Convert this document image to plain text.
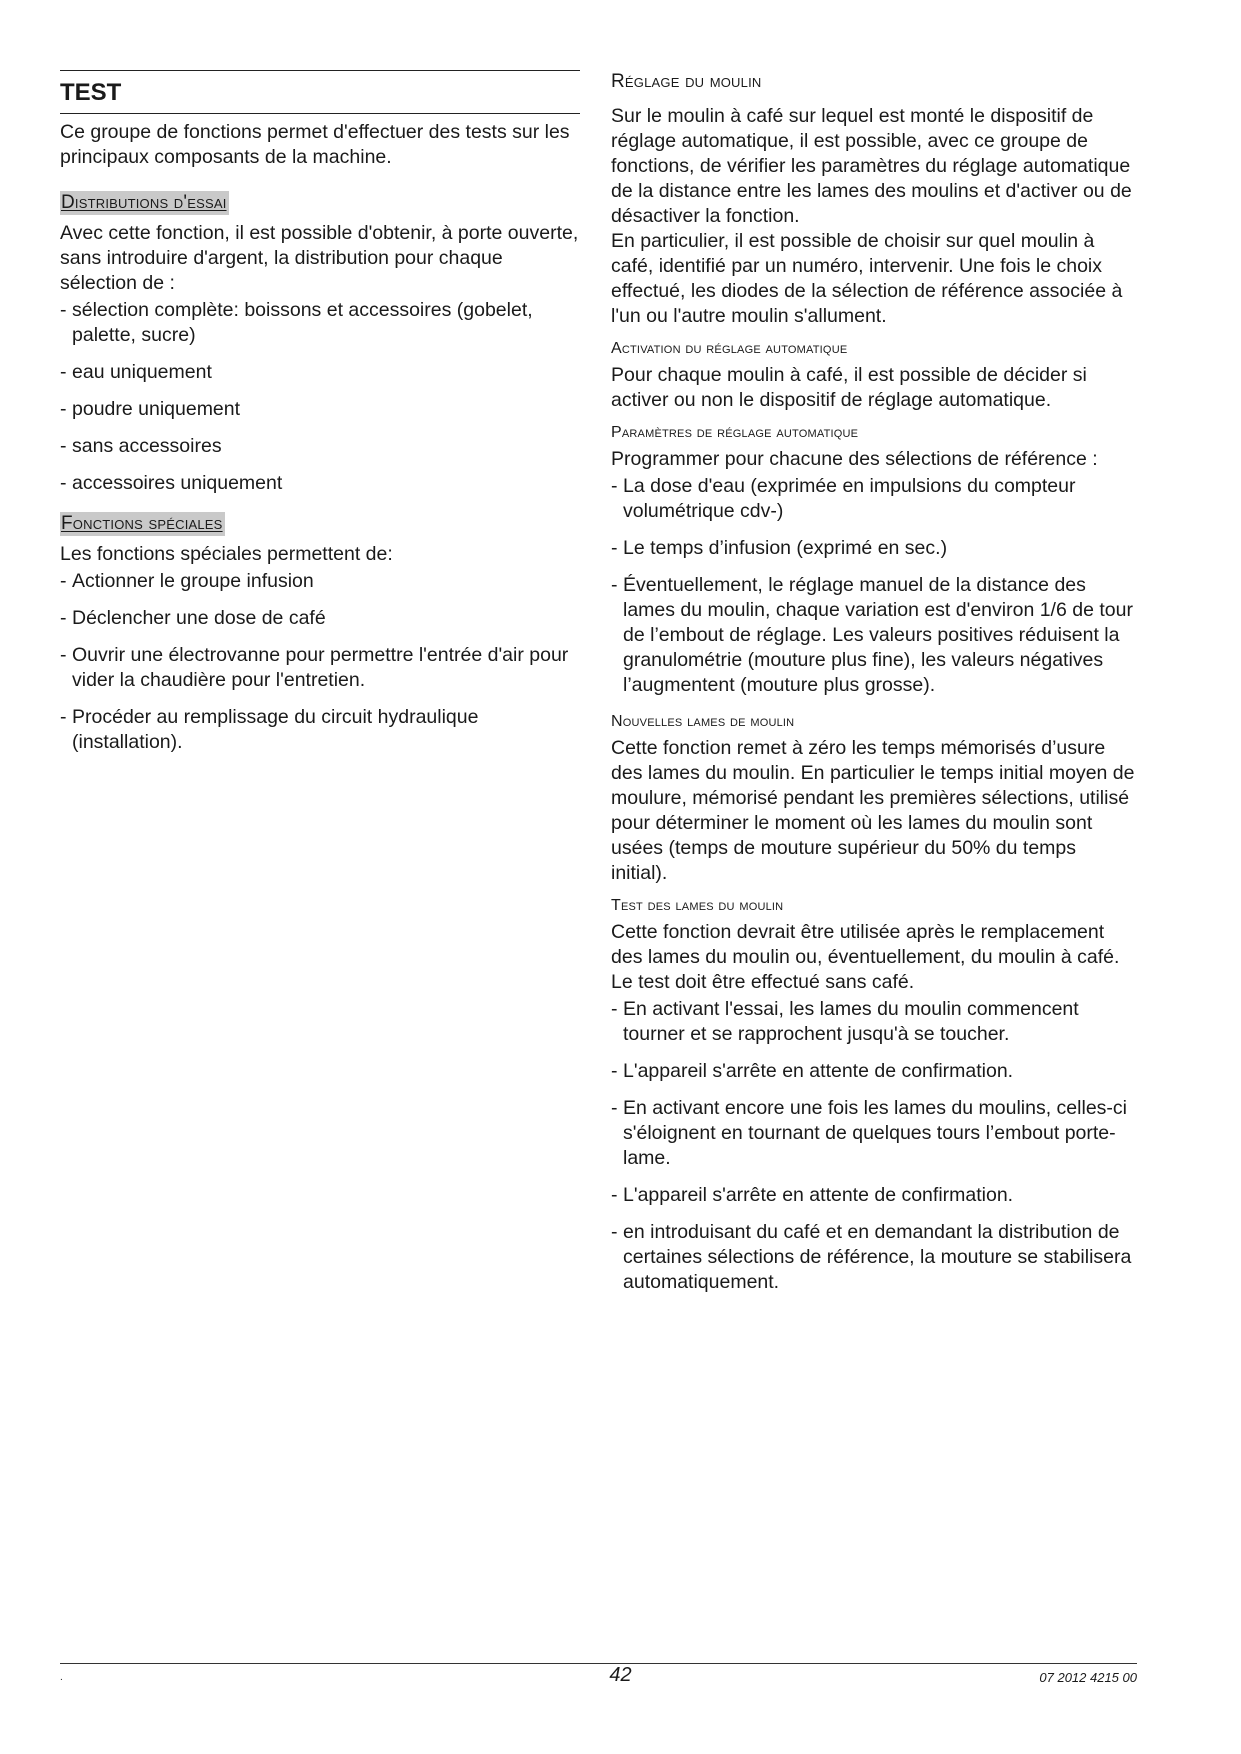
TEST

Ce groupe de fonctions permet d'effectuer des tests sur les principaux composants de la machine.

Distributions d'essai

Avec cette fonction, il est possible d'obtenir, à porte ouverte, sans introduire d'argent, la distribution pour chaque sélection de :

- sélection complète: boissons et accessoires (gobelet, palette, sucre)
- eau uniquement
- poudre uniquement
- sans accessoires
- accessoires uniquement
Fonctions spéciales

Les fonctions spéciales permettent de:

- Actionner le groupe infusion
- Déclencher une dose de café
- Ouvrir une électrovanne pour permettre l'entrée d'air pour vider la chaudière pour l'entretien.
- Procéder au remplissage du circuit hydraulique (installation).
Réglage du moulin

Sur le moulin à café sur lequel est monté le dispositif de réglage automatique, il est possible, avec ce groupe de fonctions, de vérifier les paramètres du réglage automatique de la distance entre les lames des moulins et d'activer ou de désactiver la fonction.

En particulier, il est possible de choisir sur quel moulin à café, identifié par un numéro, intervenir. Une fois le choix effectué, les diodes de la sélection de référence associée à l'un ou l'autre moulin s'allument.

Activation du réglage automatique

Pour chaque moulin à café, il est possible de décider si activer ou non le dispositif de réglage automatique.

Paramètres de réglage automatique

Programmer pour chacune des sélections de référence :

- La dose d'eau (exprimée en impulsions du compteur volumétrique cdv-)
- Le temps d’infusion (exprimé en sec.)
- Éventuellement, le réglage manuel de la distance des lames du moulin, chaque variation est d'environ 1/6 de tour de l’embout de réglage. Les valeurs positives réduisent la granulométrie (mouture plus fine), les valeurs négatives l’augmentent (mouture plus grosse).
Nouvelles lames de moulin

Cette fonction remet à zéro les temps mémorisés d’usure des lames du moulin. En particulier le temps initial moyen de moulure, mémorisé pendant les premières sélections, utilisé pour déterminer le moment où les lames du moulin sont usées (temps de mouture supérieur du 50% du temps initial).

Test des lames du moulin

Cette fonction devrait être utilisée après le remplacement des lames du moulin ou, éventuellement, du moulin à café.

Le test doit être effectué sans café.

- En activant l'essai, les lames du moulin commencent tourner et se rapprochent jusqu'à se toucher.
- L'appareil s'arrête en attente de confirmation.
- En activant encore une fois les lames du moulins, celles-ci s'éloignent en tournant de quelques tours l’embout porte-lame.
- L'appareil s'arrête en attente de confirmation.
- en introduisant du café et en demandant la distribution de certaines sélections de référence, la mouture se stabilisera automatiquement.
.	42	07 2012 4215 00
